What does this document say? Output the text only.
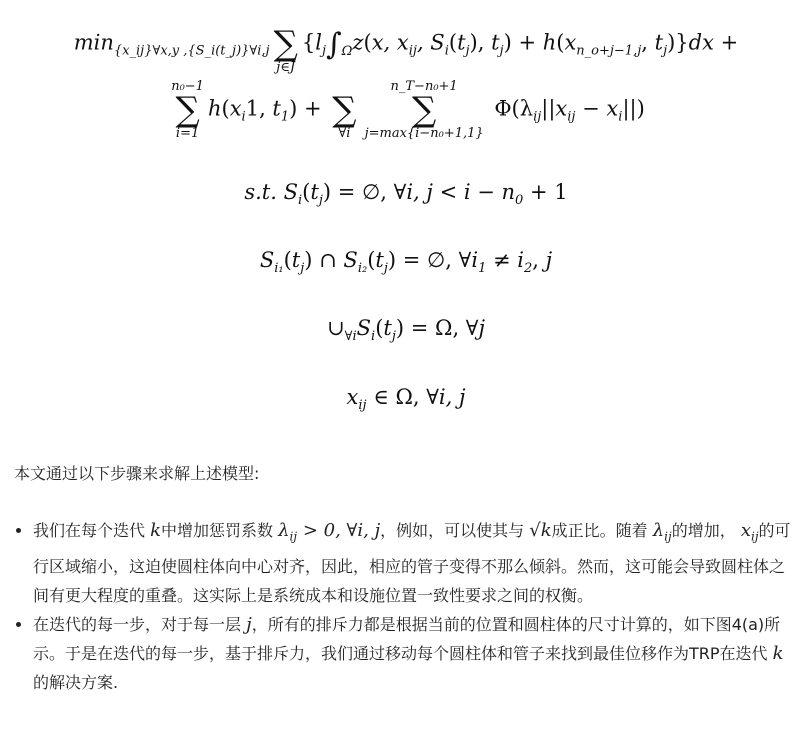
$\min_{\{x\_ij\}\forall x,y ,\{S\_i(t\_j)\}\forall i,j}$
∑
j∈J
{$l_j\int_\Omega z(x$, $x_{ij}$, $S_i(t_j)$, $t_j) + h(x_{n\_o+j-1,j}$, $t_j)\}dx$ +
n₀−1
∑
i=1
$h(x_i1$, $t_1$) +
∑
∀i
n_T−n₀+1
∑
j=max{i−n₀+1,1}
$\Phi(\lambda_{ij}||x_{ij} - x_i||)$
s.t. $S_i(t_j)$ = ∅, ∀i, $j < i - n_0 + 1$
$S_{i_1}(t_j)$ ∩ $S_{i_2}(t_j)$ = ∅, $\forall i_1 \ne i_2$, j
$\cup_{\forall i}S_i(t_j) = \Omega$, ∀j
$x_{ij}$ ∈ Ω, ∀i, j
本文通过以下步骤来求解上述模型:
• 我们在每个迭代 k中增加惩罚系数 $\lambda_{ij} > 0$, ∀i, j，例如，可以使其与 √k成正比。随着 $\lambda_{ij}$的增加， $x_{ij}$的可行区域缩小，这迫使圆柱体向中心对齐，因此，相应的管子变得不那么倾斜。然而，这可能会导致圆柱体之间有更大程度的重叠。这实际上是系统成本和设施位置一致性要求之间的权衡。
• 在迭代的每一步，对于每一层 j，所有的排斥力都是根据当前的位置和圆柱体的尺寸计算的，如下图4(a)所示。于是在迭代的每一步，基于排斥力，我们通过移动每个圆柱体和管子来找到最佳位移作为TRP在迭代 k的解决方案.
